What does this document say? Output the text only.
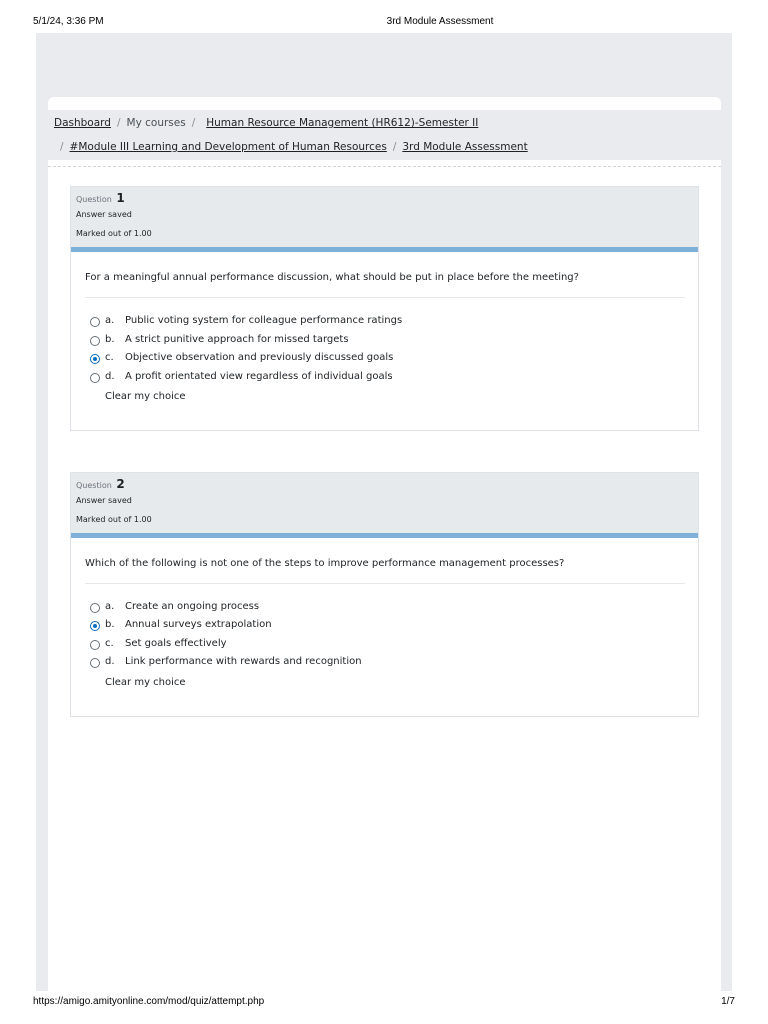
5/1/24, 3:36 PM	3rd Module Assessment
Dashboard / My courses / Human Resource Management (HR612)-Semester II
/ #Module III Learning and Development of Human Resources / 3rd Module Assessment
Question 1
Answer saved
Marked out of 1.00
For a meaningful annual performance discussion, what should be put in place before the meeting?
a. Public voting system for colleague performance ratings
b. A strict punitive approach for missed targets
c. Objective observation and previously discussed goals
d. A profit orientated view regardless of individual goals
Clear my choice
Question 2
Answer saved
Marked out of 1.00
Which of the following is not one of the steps to improve performance management processes?
a. Create an ongoing process
b. Annual surveys extrapolation
c. Set goals effectively
d. Link performance with rewards and recognition
Clear my choice
https://amigo.amityonline.com/mod/quiz/attempt.php	1/7
